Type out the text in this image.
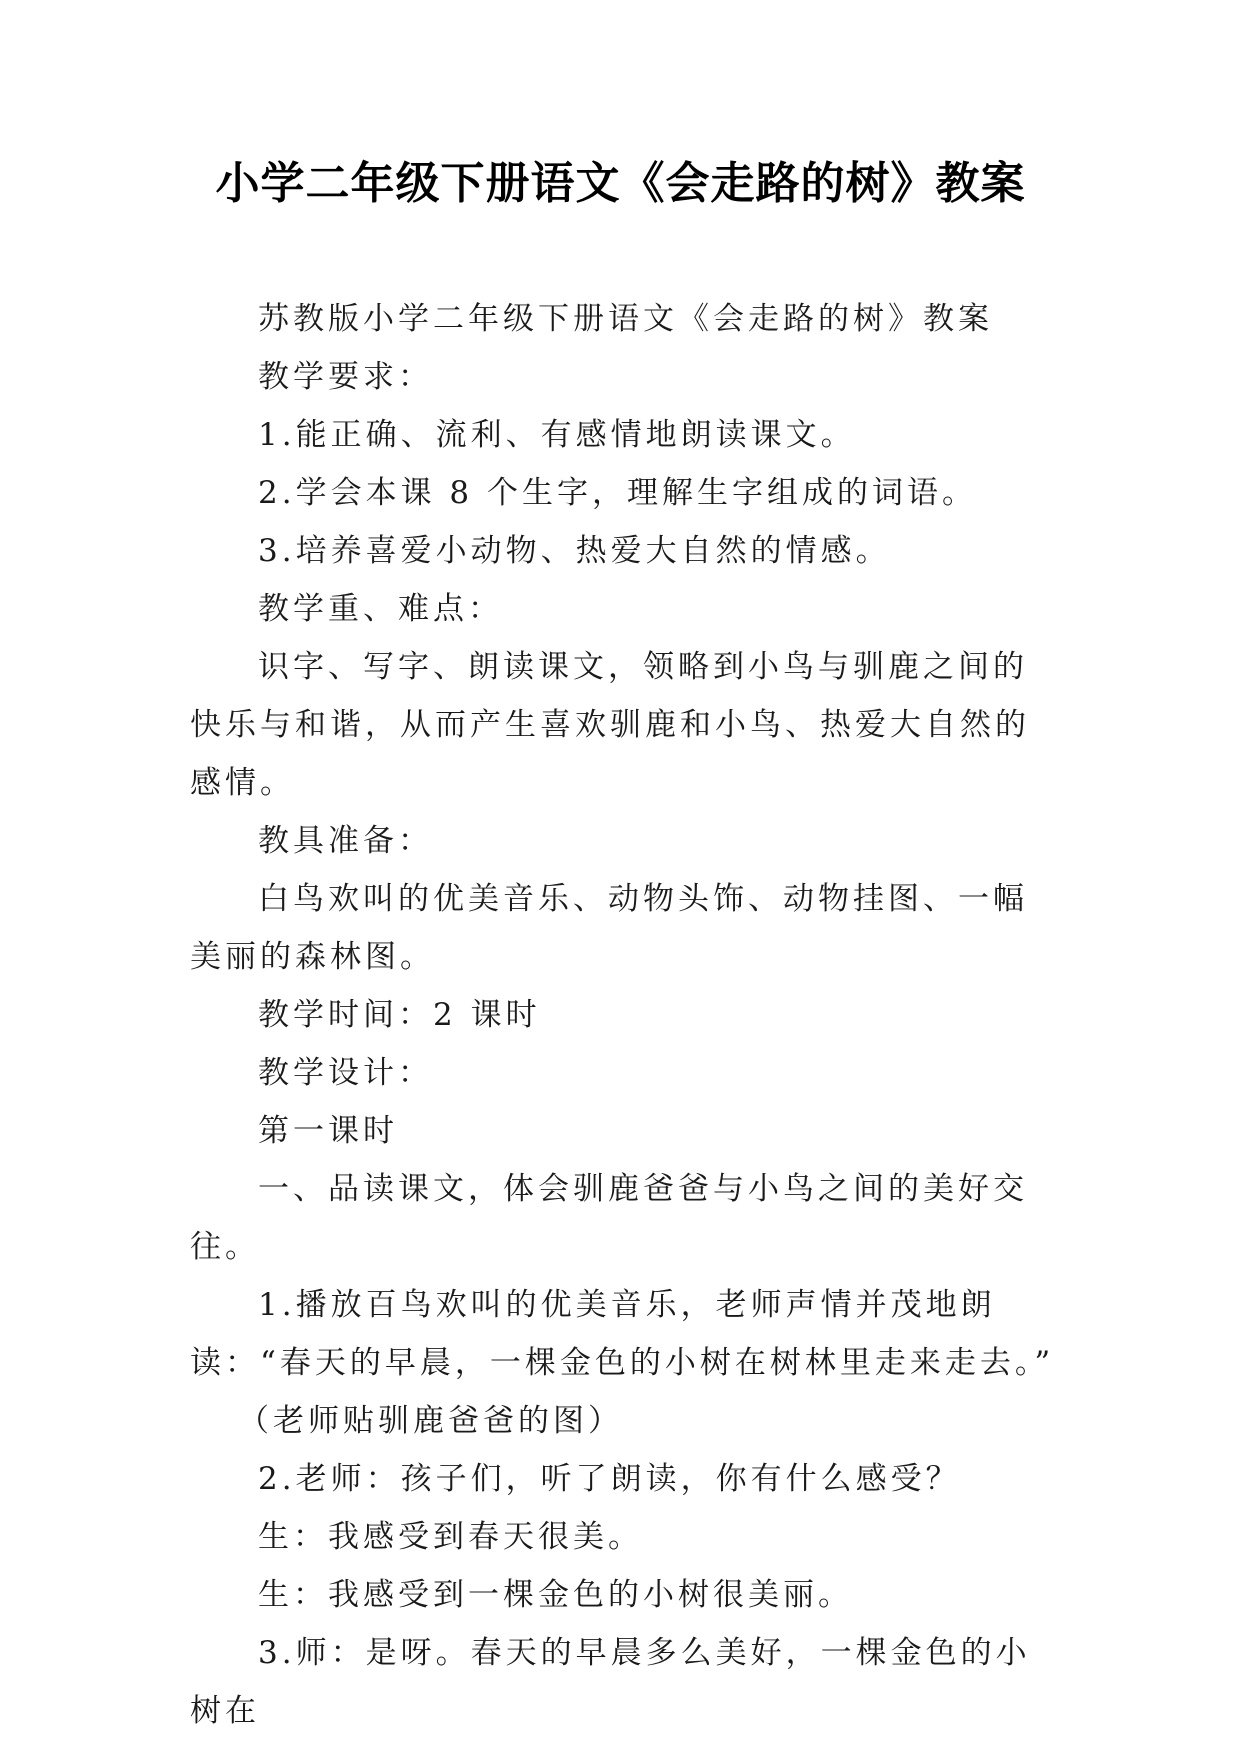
小学二年级下册语文《会走路的树》教案

苏教版小学二年级下册语文《会走路的树》教案

教学要求：

1.能正确、流利、有感情地朗读课文。

2.学会本课 8 个生字，理解生字组成的词语。

3.培养喜爱小动物、热爱大自然的情感。

教学重、难点：

识字、写字、朗读课文，领略到小鸟与驯鹿之间的快乐与和谐，从而产生喜欢驯鹿和小鸟、热爱大自然的感情。

教具准备：

白鸟欢叫的优美音乐、动物头饰、动物挂图、一幅美丽的森林图。

教学时间：2 课时

教学设计：

第一课时

一、品读课文，体会驯鹿爸爸与小鸟之间的美好交往。

1.播放百鸟欢叫的优美音乐，老师声情并茂地朗读：“春天的早晨，一棵金色的小树在树林里走来走去。”

（老师贴驯鹿爸爸的图）

2.老师：孩子们，听了朗读，你有什么感受？

生：我感受到春天很美。

生：我感受到一棵金色的小树很美丽。

3.师：是呀。春天的早晨多么美好，一棵金色的小树在
